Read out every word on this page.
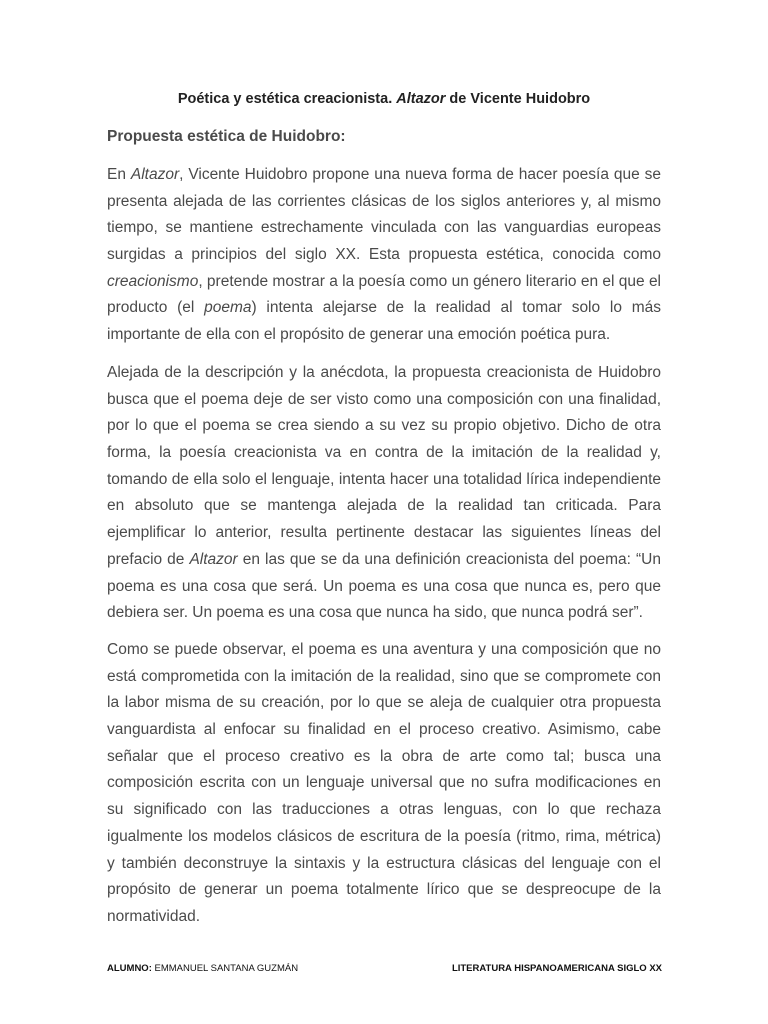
Poética y estética creacionista. Altazor de Vicente Huidobro
Propuesta estética de Huidobro:
En Altazor, Vicente Huidobro propone una nueva forma de hacer poesía que se
presenta alejada de las corrientes clásicas de los siglos anteriores y, al mismo
tiempo, se mantiene estrechamente vinculada con las vanguardias europeas
surgidas a principios del siglo XX. Esta propuesta estética, conocida como
creacionismo, pretende mostrar a la poesía como un género literario en el que el
producto (el poema) intenta alejarse de la realidad al tomar solo lo más
importante de ella con el propósito de generar una emoción poética pura.
Alejada de la descripción y la anécdota, la propuesta creacionista de Huidobro
busca que el poema deje de ser visto como una composición con una finalidad,
por lo que el poema se crea siendo a su vez su propio objetivo. Dicho de otra
forma, la poesía creacionista va en contra de la imitación de la realidad y,
tomando de ella solo el lenguaje, intenta hacer una totalidad lírica independiente
en absoluto que se mantenga alejada de la realidad tan criticada. Para
ejemplificar lo anterior, resulta pertinente destacar las siguientes líneas del
prefacio de Altazor en las que se da una definición creacionista del poema: “Un
poema es una cosa que será. Un poema es una cosa que nunca es, pero que
debiera ser. Un poema es una cosa que nunca ha sido, que nunca podrá ser”.
Como se puede observar, el poema es una aventura y una composición que no
está comprometida con la imitación de la realidad, sino que se compromete con
la labor misma de su creación, por lo que se aleja de cualquier otra propuesta
vanguardista al enfocar su finalidad en el proceso creativo. Asimismo, cabe
señalar que el proceso creativo es la obra de arte como tal; busca una
composición escrita con un lenguaje universal que no sufra modificaciones en
su significado con las traducciones a otras lenguas, con lo que rechaza
igualmente los modelos clásicos de escritura de la poesía (ritmo, rima, métrica)
y también deconstruye la sintaxis y la estructura clásicas del lenguaje con el
propósito de generar un poema totalmente lírico que se despreocupe de la
normatividad.
ALUMNO: EMMANUEL SANTANA GUZMÁN	LITERATURA HISPANOAMERICANA SIGLO XX
